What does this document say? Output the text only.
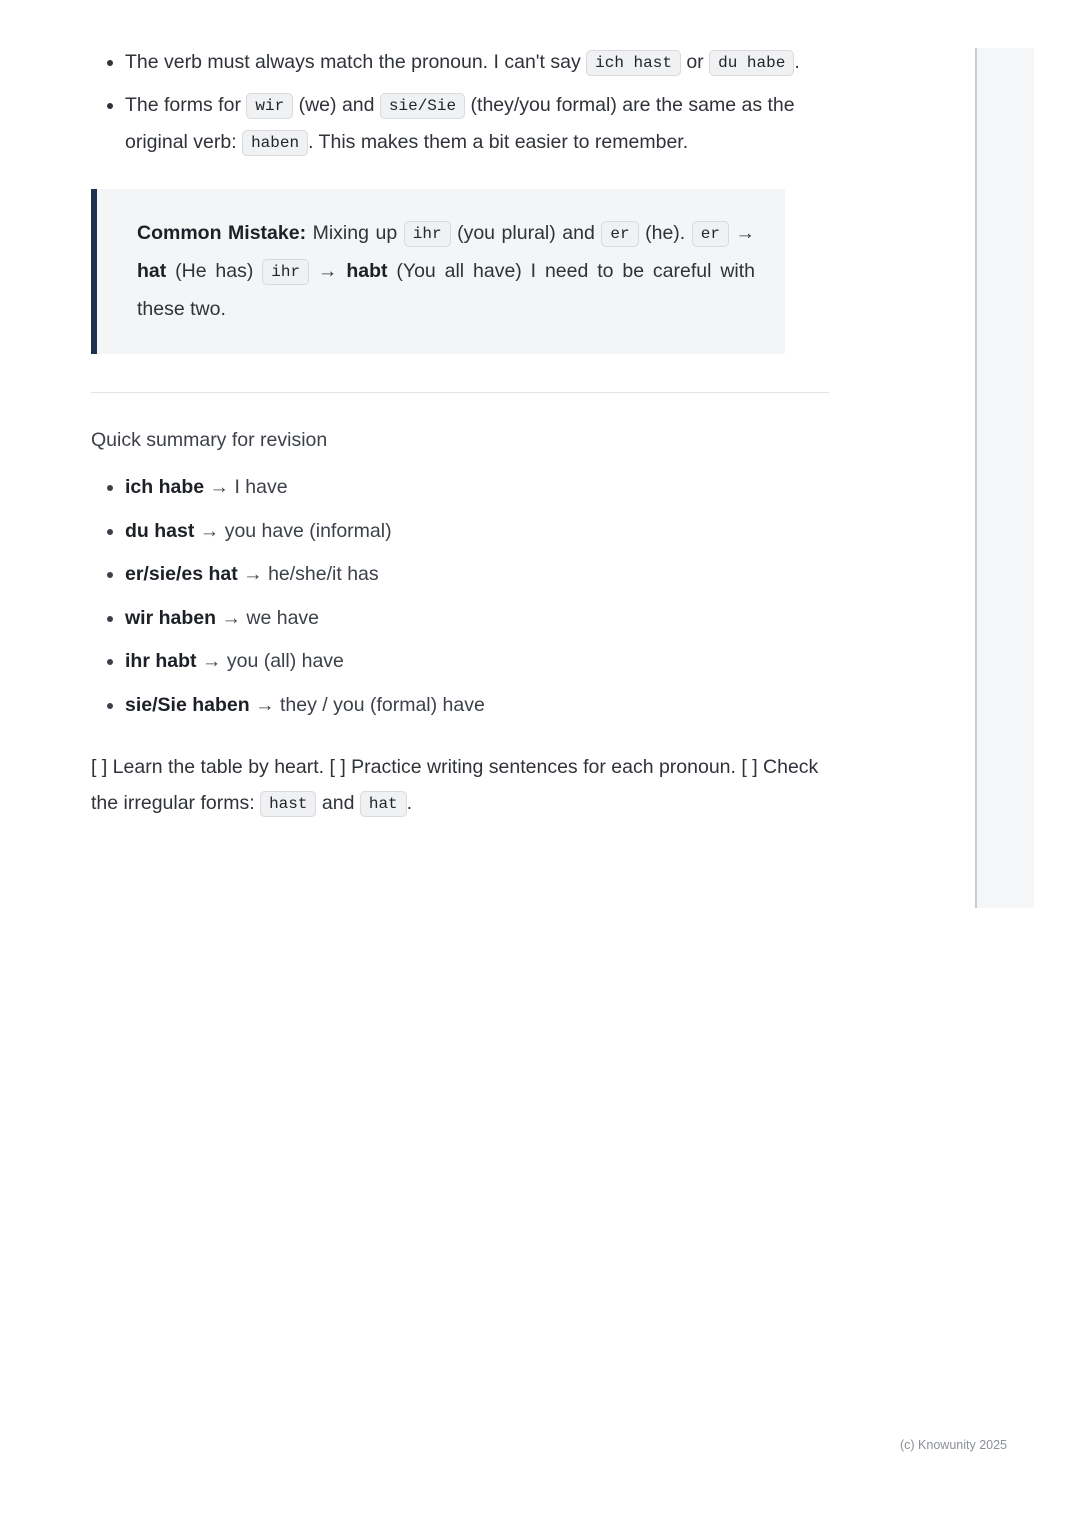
• The verb must always match the pronoun. I can't say ich hast or du habe .
• The forms for wir (we) and sie/Sie (they/you formal) are the same as the original verb: haben . This makes them a bit easier to remember.

Common Mistake: Mixing up ihr (you plural) and er (he). er → hat (He has) ihr → habt (You all have) I need to be careful with these two.

Quick summary for revision
• ich habe → I have
• du hast → you have (informal)
• er/sie/es hat → he/she/it has
• wir haben → we have
• ihr habt → you (all) have
• sie/Sie haben → they / you (formal) have
[ ] Learn the table by heart. [ ] Practice writing sentences for each pronoun. [ ] Check the irregular forms: hast and hat .
(c) Knowunity 2025
